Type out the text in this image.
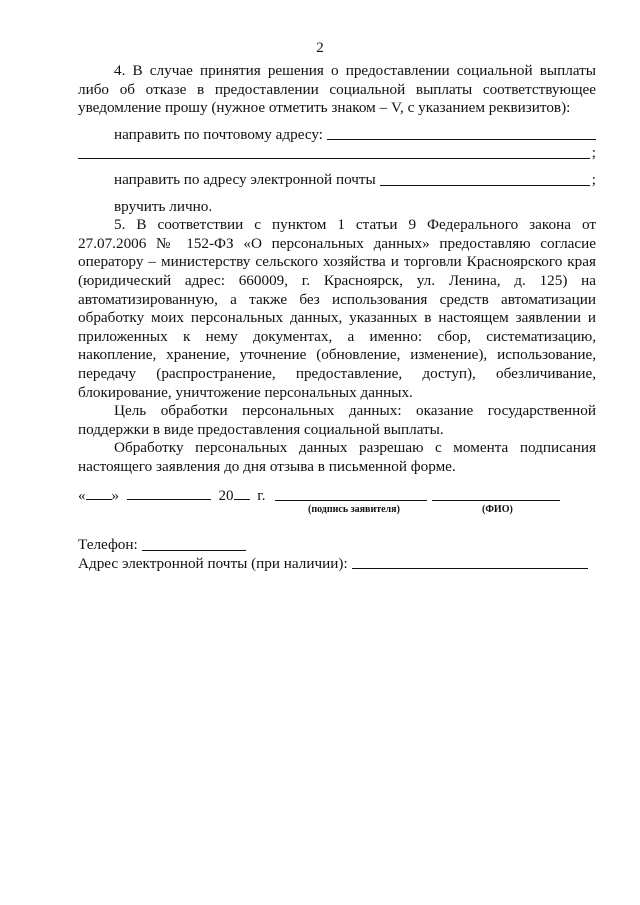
2

4. В случае принятия решения о предоставлении социальной выплаты либо об отказе в предоставлении социальной выплаты соответствующее уведомление прошу (нужное отметить знаком – V, с указанием реквизитов):

направить по почтовому адресу:
;
направить по адресу электронной почты	;
вручить лично.

5. В соответствии с пунктом 1 статьи 9 Федерального закона от 27.07.2006 № 152-ФЗ «О персональных данных» предоставляю согласие оператору – министерству сельского хозяйства и торговли Красноярского края (юридический адрес: 660009, г. Красноярск, ул. Ленина, д. 125) на автоматизированную, а также без использования средств автоматизации обработку моих персональных данных, указанных в настоящем заявлении и приложенных к нему документах, а именно: сбор, систематизацию, накопление, хранение, уточнение (обновление, изменение), использование, передачу (распространение, предоставление, доступ), обезличивание, блокирование, уничтожение персональных данных.

Цель обработки персональных данных: оказание государственной поддержки в виде предоставления социальной выплаты.

Обработку персональных данных разрешаю с момента подписания настоящего заявления до дня отзыва в письменной форме.

« »	20 г.
(подпись заявителя)	(ФИО)
Телефон:
Адрес электронной почты (при наличии):
